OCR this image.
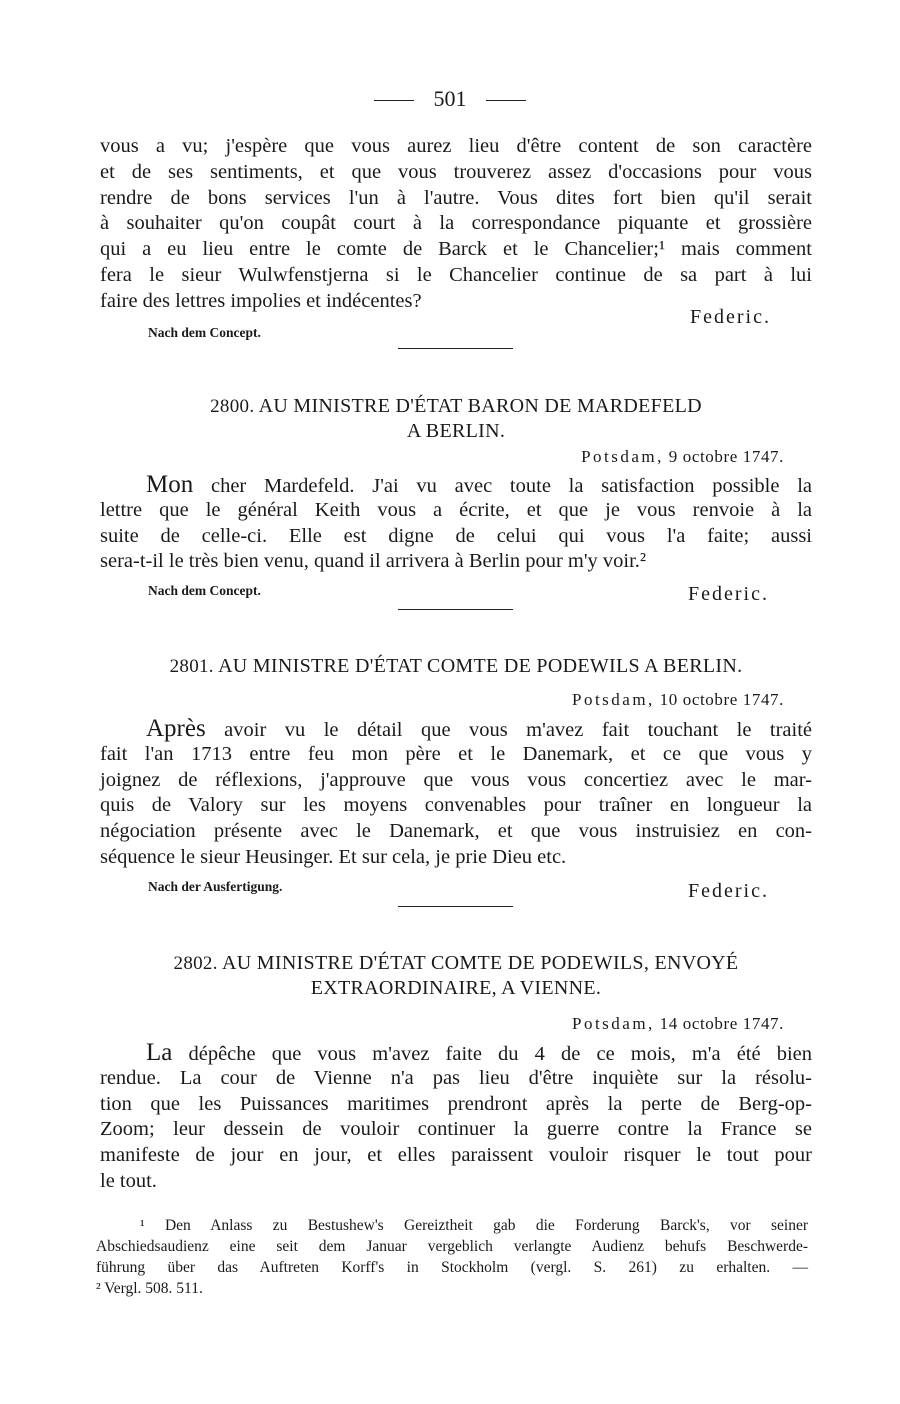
501
vous a vu; j'espère que vous aurez lieu d'être content de son caractère
et de ses sentiments, et que vous trouverez assez d'occasions pour vous
rendre de bons services l'un à l'autre. Vous dites fort bien qu'il serait
à souhaiter qu'on coupât court à la correspondance piquante et grossière
qui a eu lieu entre le comte de Barck et le Chancelier;¹ mais comment
fera le sieur Wulwfenstjerna si le Chancelier continue de sa part à lui
faire des lettres impolies et indécentes?
Nach dem Concept.
Federic.
2800. AU MINISTRE D'ÉTAT BARON DE MARDEFELD
A BERLIN.
Potsdam, 9 octobre 1747.
Mon cher Mardefeld. J'ai vu avec toute la satisfaction possible la
lettre que le général Keith vous a écrite, et que je vous renvoie à la
suite de celle-ci. Elle est digne de celui qui vous l'a faite; aussi
sera-t-il le très bien venu, quand il arrivera à Berlin pour m'y voir.²
Nach dem Concept.	Federic.
2801. AU MINISTRE D'ÉTAT COMTE DE PODEWILS A BERLIN.
Potsdam, 10 octobre 1747.
Après avoir vu le détail que vous m'avez fait touchant le traité
fait l'an 1713 entre feu mon père et le Danemark, et ce que vous y
joignez de réflexions, j'approuve que vous vous concertiez avec le mar-
quis de Valory sur les moyens convenables pour traîner en longueur la
négociation présente avec le Danemark, et que vous instruisiez en con-
séquence le sieur Heusinger. Et sur cela, je prie Dieu etc.
Nach der Ausfertigung.	Federic.
2802. AU MINISTRE D'ÉTAT COMTE DE PODEWILS, ENVOYÉ
EXTRAORDINAIRE, A VIENNE.
Potsdam, 14 octobre 1747.
La dépêche que vous m'avez faite du 4 de ce mois, m'a été bien
rendue. La cour de Vienne n'a pas lieu d'être inquiète sur la résolu-
tion que les Puissances maritimes prendront après la perte de Berg-op-
Zoom; leur dessein de vouloir continuer la guerre contre la France se
manifeste de jour en jour, et elles paraissent vouloir risquer le tout pour
le tout.
¹ Den Anlass zu Bestushew's Gereiztheit gab die Forderung Barck's, vor seiner
Abschiedsaudienz eine seit dem Januar vergeblich verlangte Audienz behufs Beschwerde-
führung über das Auftreten Korff's in Stockholm (vergl. S. 261) zu erhalten. —
² Vergl. 508. 511.
